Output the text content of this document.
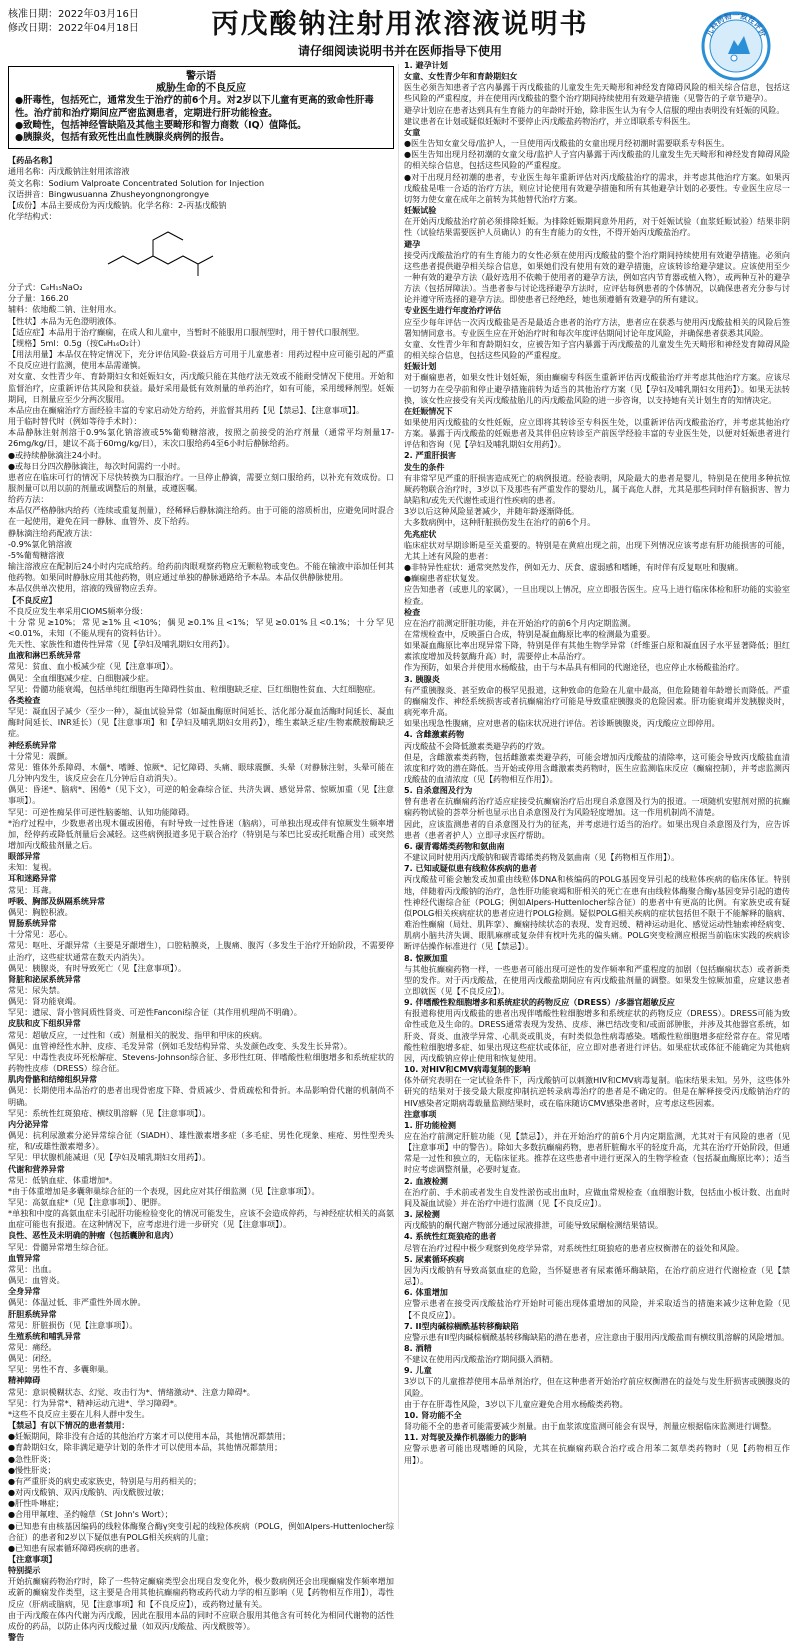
核准日期：2022年03月16日
修改日期：2022年04月18日	丙戊酸钠注射用浓溶液说明书
请仔细阅读说明书并在医师指导下使用
儿科药物一致性评价
警示语
威胁生命的不良反应
●肝毒性，包括死亡，通常发生于治疗的前6个月。对2岁以下儿童有更高的致命性肝毒性。治疗前和治疗期间应严密监测患者，定期进行肝功能检查。
●致畸性，包括神经管缺陷及其他主要畸形和智力商数（IQ）值降低。
●胰腺炎，包括有致死性出血性胰腺炎病例的报告。

【药品名称】

通用名称：丙戊酸钠注射用浓溶液

英文名称：Sodium Valproate Concentrated Solution for Injection

汉语拼音：Bingwusuanna Zhusheyongnongrongye

【成份】本品主要成份为丙戊酸钠。化学名称：2-丙基戊酸钠

化学结构式：

分子式：C₈H₁₅NaO₂

分子量：166.20

辅料：依地酸二钠、注射用水。

【性状】本品为无色澄明液体。

【适应症】本品用于治疗癫痫，在成人和儿童中，当暂时不能服用口服剂型时，用于替代口服剂型。

【规格】5ml：0.5g（按C₈H₁₆O₂计）

【用法用量】本品仅在特定情况下，充分评估风险-获益后方可用于儿童患者：用药过程中应可能引起的严重不良反应进行监测，使用本品需谨慎。

对女童、女性青少年、育龄期妇女和妊娠妇女，丙戊酸只能在其他疗法无效或不能耐受情况下使用。开始和监督治疗，应重新评估其风险和获益。最好采用最低有效剂量的单药治疗，如有可能，采用缓释剂型。妊娠期间，日剂量应至少分两次服用。

本品应由在癫痫治疗方面经验丰富的专家启动处方给药，并监督其用药【见【禁忌】、【注意事项】】。

用于临时替代时（例如等待手术时）：

本品静脉注射剂溶于0.9%氯化钠溶液或5%葡萄糖溶液，按照之前接受的治疗剂量（通常平均剂量17-26mg/kg/日，建议不高于60mg/kg/日），末次口服给药4至6小时后静脉给药。

●或持续静脉滴注24小时。

●或每日分四次静脉滴注，每次时间需约一小时。

患者应在临床可行的情况下尽快转换为口服治疗。一旦停止静滴，需要立刻口服给药，以补充有效成份。口服剂量可以用以前的剂量或调整后的剂量，或遵医嘱。

给药方法：

本品仅严格静脉内给药（连续或重复剂量），经稀释后静脉滴注给药。由于可能的溶质析出，应避免同时混合在一起使用，避免在同一静脉、血管外、皮下给药。

静脉滴注给药配液方法：

-0.9%氯化钠溶液

-5%葡萄糖溶液

输注溶液应在配制后24小时内完成给药。给药前肉眼观察药物应无颗粒物或变色。不能在输液中添加任何其他药物。如果同时静脉应用其他药物，则应通过单独的静脉通路给予本品。本品仅供静脉使用。

本品仅供单次使用，溶液的残留物应丢弃。

【不良反应】

不良反应发生率采用CIOMS频率分级：

十分常见≥10%；常见≥1%且<10%；偶见≥0.1%且<1%；罕见≥0.01%且<0.1%；十分罕见<0.01%，未知（不能从现有的资料估计）。

先天性、家族性和遗传性异常（见【孕妇及哺乳期妇女用药】）。

血液和淋巴系统异常

常见：贫血、血小板减少症（见【注意事项】）。

偶见：全血细胞减少症、白细胞减少症。

罕见：骨髓功能衰竭，包括单纯红细胞再生障碍性贫血、粒细胞缺乏症、巨红细胞性贫血、大红细胞症。

各类检查

罕见：凝血因子减少（至少一种），凝血试验异常（如凝血酶原时间延长、活化部分凝血活酶时间延长、凝血酶时间延长、INR延长）（见【注意事项】和【孕妇及哺乳期妇女用药】），维生素缺乏症/生物素酰胺酶缺乏症。

神经系统异常

十分常见：震颤。

常见：锥体外系障碍、木僵*、嗜睡、惊厥*、记忆障碍、头痛、眼球震颤、头晕（对静脉注射，头晕可能在几分钟内发生，该反应会在几分钟后自动消失）。

偶见：昏迷*、脑病*、困倦*（见下文），可逆的帕金森综合征、共济失调、感觉异常、惊厥加重（见【注意事项】）。

罕见：可逆性痴呆伴可逆性脑萎缩、认知功能障碍。

*治疗过程中，少数患者出现木僵或困倦，有时导致一过性昏迷（脑病），可单独出现或伴有惊厥发生频率增加，经停药或降低剂量后会减轻。这些病例报道多见于联合治疗（特别是与苯巴比妥或托吡酯合用）或突然增加丙戊酸盐剂量之后。

眼部异常

未知：复视。

耳和迷路异常

常见：耳聋。

呼吸、胸部及纵隔系统异常

偶见：胸腔积液。

胃肠系统异常

十分常见：恶心。

常见：呕吐、牙龈异常（主要是牙龈增生），口腔粘膜炎，上腹痛、腹泻（多发生于治疗开始阶段，不需要停止治疗，这些症状通常在数天内消失）。

偶见：胰腺炎，有时导致死亡（见【注意事项】）。

肾脏和泌尿系统异常

常见：尿失禁。

偶见：肾功能衰竭。

罕见：遗尿、肾小管间质性肾炎、可逆性Fanconi综合征（其作用机理尚不明确）。

皮肤和皮下组织异常

常见：超敏反应，一过性和（或）剂量相关的脱发、指甲和甲床的疾病。

偶见：血管神经性水肿、皮疹、毛发异常（例如毛发结构异常、头发颜色改变、头发生长异常）。

罕见：中毒性表皮坏死松解症、Stevens-Johnson综合征、多形性红斑、伴嗜酸性粒细胞增多和系统症状的药物性皮疹（DRESS）综合征。

肌肉骨骼和结缔组织异常

偶见：长期使用本品治疗的患者出现骨密度下降、骨质减少、骨质疏松和骨折。本品影响骨代谢的机制尚不明确。

罕见：系统性红斑狼疮、横纹肌溶解（见【注意事项】）。

内分泌异常

偶见：抗利尿激素分泌异常综合征（SIADH）、雄性激素增多症（多毛症、男性化现象、痤疮、男性型秃头症，和/或雄性激素增多）。

罕见：甲状腺机能减退（见【孕妇及哺乳期妇女用药】）。

代谢和营养异常

常见：低钠血症、体重增加*。

*由于体重增加是多囊卵巢综合征的一个表现，因此应对其仔细监测（见【注意事项】）。

罕见：高氨血症*（见【注意事项】）、肥胖。

*单独和中度的高氨血症未引起肝功能检验变化的情况可能发生，应该不会造成停药，与神经症状相关的高氨血症可能也有报道。在这种情况下，应考虑进行进一步研究（见【注意事项】）。

良性、恶性及未明确的肿瘤（包括囊肿和息肉）

罕见：骨髓异常增生综合征。

血管异常

常见：出血。

偶见：血管炎。

全身异常

偶见：体温过低、非严重性外周水肿。

肝胆系统异常

常见：肝脏损伤（见【注意事项】）。

生殖系统和哺乳异常

常见：痛经。

偶见：闭经。

罕见：男性不育、多囊卵巢。

精神障碍

常见：意识模糊状态、幻觉、攻击行为*、情绪激动*、注意力障碍*。

罕见：行为异常*、精神运动亢进*、学习障碍*。

*这些不良反应主要在儿科人群中发生。

【禁忌】有以下情况的患者禁用：

●妊娠期间，除非没有合适的其他治疗方案才可以使用本品，其他情况都禁用；

●育龄期妇女，除非满足避孕计划的条件才可以使用本品，其他情况都禁用；

●急性肝炎；

●慢性肝炎；

●有严重肝炎的病史或家族史，特别是与用药相关的；

●对丙戊酸钠、双丙戊酸钠、丙戊酰胺过敏；

●肝性卟啉症；

●合用甲氟喹、圣约翰草（St John's Wort）；

●已知患有由核基因编码的线粒体酶聚合酶γ突变引起的线粒体疾病（POLG，例如Alpers-Huttenlocher综合征）的患者和2岁以下疑似患有POLG相关疾病的儿童；

●已知患有尿素循环障碍疾病的患者。

【注意事项】

特别提示

开始抗癫痫药物治疗时，除了一些特定癫痫类型会出现自发变化外，极少数病例还会出现癫痫发作频率增加或新的癫痫发作类型，这主要是合用其他抗癫痫药物或药代动力学的相互影响（见【药物相互作用】），毒性反应（肝病或脑病，见【注意事项】和【不良反应】），或药物过量有关。

由于丙戊酸在体内代谢为丙戊酸，因此在服用本品的同时不应联合服用其他含有可转化为相同代谢物的活性成份的药品，以防止体内丙戊酸过量（如双丙戊酸盐、丙戊酰胺等）。

警告

1. 避孕计划

女童、女性青少年和育龄期妇女

医生必须告知患者子宫内暴露于丙戊酸盐的儿童发生先天畸形和神经发育障碍风险的相关综合信息，包括这些风险的严重程度，并在使用丙戊酸盐的整个治疗期间持续使用有效避孕措施（见警告的子章节避孕）。

避孕计划应在患者达到具有生育能力的年龄时开始，除非医生认为有令人信服的理由表明没有妊娠的风险。

建议患者在计划或疑似妊娠时不要停止丙戊酸盐药物治疗，并立即联系专科医生。

女童

●医生告知女童父母/监护人，一旦使用丙戊酸盐的女童出现月经初潮时需要联系专科医生。

●医生告知出现月经初潮的女童父母/监护人子宫内暴露于丙戊酸盐的儿童发生先天畸形和神经发育障碍风险的相关综合信息，包括这些风险的严重程度。

●对于出现月经初潮的患者，专业医生每年重新评估对丙戊酸盐治疗的需求，并考虑其他治疗方案。如果丙戊酸盐是唯一合适的治疗方法，则应讨论使用有效避孕措施和所有其他避孕计划的必要性。专业医生应尽一切努力使女童在成年之前转为其他替代治疗方案。

妊娠试验

在开始丙戊酸盐治疗前必须排除妊娠。为排除妊娠期间意外用药，对于妊娠试验（血浆妊娠试验）结果非阴性（试验结果需要医护人员确认）的有生育能力的女性，不得开始丙戊酸盐治疗。

避孕

接受丙戊酸盐治疗的有生育能力的女性必须在使用丙戊酸盐的整个治疗期间持续使用有效避孕措施。必须向这些患者提供避孕相关综合信息，如果她们没有使用有效的避孕措施，应该转诊给避孕建议。应该使用至少一种有效的避孕方法（最好选用不依赖于使用者的避孕方法，例如宫内节育器或植入物），或两种互补的避孕方法（包括屏障法）。当患者参与讨论选择避孕方法时，应评估每例患者的个体情况，以确保患者充分参与讨论并遵守所选择的避孕方法。即使患者已经绝经，她也须遵循有效避孕的所有建议。

专业医生进行年度治疗评估

应至少每年评估一次丙戊酸盐是否是最适合患者的治疗方法，患者应在获悉与使用丙戊酸盐相关的风险后签署知情同意书。专业医生应在开始治疗时和每次年度评估期间讨论年度风险，并确保患者获悉其风险。

女童、女性青少年和育龄期妇女，应被告知子宫内暴露于丙戊酸盐的儿童发生先天畸形和神经发育障碍风险的相关综合信息，包括这些风险的严重程度。

妊娠计划

对于癫痫患者，如果女性计划妊娠，须由癫痫专科医生重新评估丙戊酸盐治疗并考虑其他治疗方案。应该尽一切努力在受孕前和停止避孕措施前转为适当的其他治疗方案（见【孕妇及哺乳期妇女用药】）。如果无法转换，该女性应接受有关丙戊酸盐胎儿的丙戊酸盐风险的进一步咨询，以支持她有关计划生育的知情决定。

在妊娠情况下

如果使用丙戊酸盐的女性妊娠，应立即将其转诊至专科医生处，以重新评估丙戊酸盐治疗，并考虑其他治疗方案。暴露于丙戊酸盐的妊娠患者及其伴侣应转诊至产前医学经验丰富的专业医生处，以便对妊娠患者进行评估和咨询（见【孕妇及哺乳期妇女用药】）。

2. 严重肝损害

发生的条件

有非常罕见严重的肝损害造成死亡的病例报道。经验表明，风险最大的患者是婴儿，特别是在使用多种抗惊厥药物联合治疗时，3岁以下及那些有严重发作的婴幼儿，属于高危人群，尤其是那些同时伴有脑损害、智力缺陷和/或先天代谢性或退行性疾病的患者。

3岁以后这种风险显著减少，并随年龄逐渐降低。

大多数病例中，这种肝脏损伤发生在治疗的前6个月。

先兆症状

临床症状对早期诊断是至关重要的。特别是在黄疸出现之前，出现下列情况应该考虑有肝功能损害的可能，尤其上述有风险的患者：

●非特异性症状：通常突然发作，例如无力、厌食、虚弱感和嗜睡，有时伴有反复呕吐和腹痛。

●癫痫患者症状复发。

应告知患者（或患儿的家属），一旦出现以上情况，应立即报告医生。应马上进行临床体检和肝功能的实验室检查。

检查

应在治疗前测定肝脏功能，并在开始治疗的前6个月内定期监测。

在常规检查中，反映蛋白合成，特别是凝血酶原比率的检测最为重要。

如果凝血酶原比率出现异常下降，特别是伴有其他生物学异常（纤维蛋白原和凝血因子水平显著降低；胆红素浓度增加及转氨酶升高）时，需要停止本品治疗。

作为预防，如果合并使用水杨酸盐，由于与本品具有相同的代谢途径，也应停止水杨酸盐治疗。

3. 胰腺炎

有严重胰腺炎、甚至致命的极罕见报道，这种致命的危险在儿童中最高，但危险随着年龄增长而降低。严重的癫痫发作、神经系统损害或者抗癫痫治疗可能是导致重症胰腺炎的危险因素。肝功能衰竭并发胰腺炎时，病死率升高。

如果出现急性腹痛，应对患者的临床状况进行评估。若诊断胰腺炎，丙戊酸应立即停用。

4. 含雌激素药物

丙戊酸盐不会降低激素类避孕药的疗效。

但是，含雌激素类药物，包括雌激素类避孕药，可能会增加丙戊酸盐的清除率，这可能会导致丙戊酸盐血清浓度和疗效的潜在降低。当开始或停用含雌激素类药物时，医生应监测临床反应（癫痫控制），并考虑监测丙戊酸盐的血清浓度（见【药物相互作用】）。

5. 自杀意图及行为

曾有患者在抗癫痫药治疗适应症接受抗癫痫治疗后出现自杀意图及行为的报道。一项随机安慰剂对照的抗癫痫药物试验的荟萃分析也显示出自杀意图及行为风险轻度增加。这一作用机制尚不清楚。

因此，应该监测患者的自杀意图及行为的征兆，并考虑进行适当的治疗。如果出现自杀意图及行为，应告诉患者（患者者护人）立即寻求医疗帮助。

6. 碳青霉烯类药物和氨曲南

不建议同时使用丙戊酸钠和碳青霉烯类药物及氨曲南（见【药物相互作用】）。

7. 已知或疑似患有线粒体疾病的患者

丙戊酸盐可能会触发或加重由线粒体DNA和核编码的POLG基因变异引起的线粒体疾病的临床体征。特别地，伴随着丙戊酸钠的治疗，急性肝功能衰竭和肝相关的死亡在患有由线粒体酶聚合酶γ基因变异引起的遗传性神经代谢综合征（POLG；例如Alpers-Huttenlocher综合征）的患者中有更高的比例。有家族史或有疑似POLG相关疾病症状的患者应进行POLG检测。疑似POLG相关疾病的症状包括但不限于不能解释的脑病、难治性癫痫（局灶、肌阵挛）、癫痫持续状态的表现、发育迟缓、精神运动退化、感觉运动性轴索神经病变、肌病小脑共济失调、眼肌麻痹或复杂伴有枕叶先兆的偏头痛。POLG突变检测应根据当前临床实践的疾病诊断评估操作标准进行（见【禁忌】）。

8. 惊厥加重

与其他抗癫痫药物一样，一些患者可能出现可逆性的发作频率和严重程度的加剧（包括癫痫状态）或者新类型的发作。对于丙戊酸盐，在使用丙戊酸盐期间应有丙戊酸盐剂量的调整。如果发生惊厥加重，应建议患者立即就医（见【不良反应】）。

9. 伴嗜酸性粒细胞增多和系统症状的药物反应（DRESS）/多器官超敏反应

有报道称使用丙戊酸盐的患者出现伴嗜酸性粒细胞增多和系统症状的药物反应（DRESS）。DRESS可能为致命性或危及生命的。DRESS通常表现为发热、皮疹、淋巴结改变和/或面部肿胀，并涉及其他器官系统，如肝炎、肾炎、血液学异常、心肌炎或肌炎，有时类似急性病毒感染。嗜酸性粒细胞增多症经常存在。常见嗜酸性粒细胞增多症、如果出现这些症状或体征，应立即对患者进行评估。如果症状或体征不能确定为其他病因，丙戊酸钠应停止使用和恢复使用。

10. 对HIV和CMV病毒复制的影响

体外研究表明在一定试验条件下，丙戊酸钠可以刺激HIV和CMV病毒复制。临床结果未知。另外，这些体外研究的结果对于接受最大限度抑制抗逆转录病毒治疗的患者是不确定的。但是在解释接受丙戊酸钠治疗的HIV感染者定期病毒载量监测结果时，或在临床随访CMV感染患者时，应考虑这些因素。

注意事项

1. 肝功能检测

应在治疗前测定肝脏功能（见【禁忌】），并在开始治疗的前6个月内定期监测，尤其对于有风险的患者（见【注意事项】中的警告）。除如大多数抗癫痫药物，患者肝脏酶水平的轻度升高，尤其在治疗开始阶段，但通常是一过性和独立的，无临床征兆。推荐在这些患者中进行更深入的生物学检查（包括凝血酶原比率）；适当时应考虑调整剂量，必要时复查。

2. 血液检测

在治疗前、手术前或者发生自发性淤伤或出血时，应做血常规检查（血细胞计数，包括血小板计数、出血时间及凝血试验）并在治疗中进行监测（见【不良反应】）。

3. 尿检测

丙戊酸钠的酮代谢产物部分通过尿液排泄，可能导致尿酮检测结果错误。

4. 系统性红斑狼疮的患者

尽管在治疗过程中极少观察到免疫学异常，对系统性红斑狼疮的患者应权衡潜在的益处和风险。

5. 尿素循环疾病

因为丙戊酸钠有导致高氨血症的危险，当怀疑患者有尿素循环酶缺陷，在治疗前应进行代谢检查（见【禁忌】）。

6. 体重增加

应警示患者在接受丙戊酸盐治疗开始时可能出现体重增加的风险，并采取适当的措施来减少这种危险（见【不良反应】）。

7. II型肉碱棕榈酰基转移酶缺陷

应警示患有II型肉碱棕榈酰基转移酶缺陷的潜在患者，应注意由于服用丙戊酸盐而有横纹肌溶解的风险增加。

8. 酒精

不建议在使用丙戊酸盐治疗期间摄入酒精。

9. 儿童

3岁以下的儿童推荐使用本品单剂治疗，但在这种患者开始治疗前应权衡潜在的益处与发生肝损害或胰腺炎的风险。

由于存在肝毒性风险，3岁以下儿童应避免合用水杨酸类药物。

10. 肾功能不全

肾功能不全的患者可能需要减少剂量。由于血浆浓度监测可能会有误导，剂量应根据临床监测进行调整。

11. 对驾驶及操作机器能力的影响

应警示患者可能出现嗜睡的风险，尤其在抗癫痫药联合治疗或合用苯二氮草类药物时（见【药物相互作用】）。
